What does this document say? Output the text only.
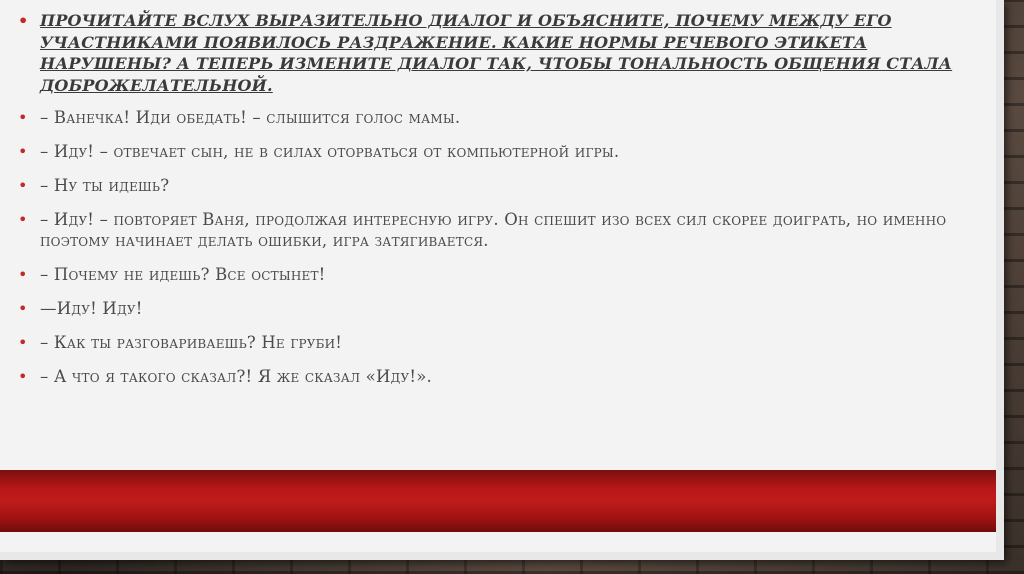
• ПРОЧИТАЙТЕ ВСЛУХ ВЫРАЗИТЕЛЬНО ДИАЛОГ И ОБЪЯСНИТЕ, ПОЧЕМУ МЕЖДУ ЕГО УЧАСТНИКАМИ ПОЯВИЛОСЬ РАЗДРАЖЕНИЕ. КАКИЕ НОРМЫ РЕЧЕВОГО ЭТИКЕТА НАРУШЕНЫ? А ТЕПЕРЬ ИЗМЕНИТЕ ДИАЛОГ ТАК, ЧТОБЫ ТОНАЛЬНОСТЬ ОБЩЕНИЯ СТАЛА ДОБРОЖЕЛАТЕЛЬНОЙ.
• – Ванечка! Иди обедать! – слышится голос мамы.
• – Иду! – отвечает сын, не в силах оторваться от компьютерной игры.
• – Ну ты идешь?
• – Иду! – повторяет Ваня, продолжая интересную игру. Он спешит изо всех сил скорее доиграть, но именно поэтому начинает делать ошибки, игра затягивается.
• – Почему не идешь? Все остынет!
• —Иду! Иду!
• – Как ты разговариваешь? Не груби!
• – А что я такого сказал?! Я же сказал «Иду!».
